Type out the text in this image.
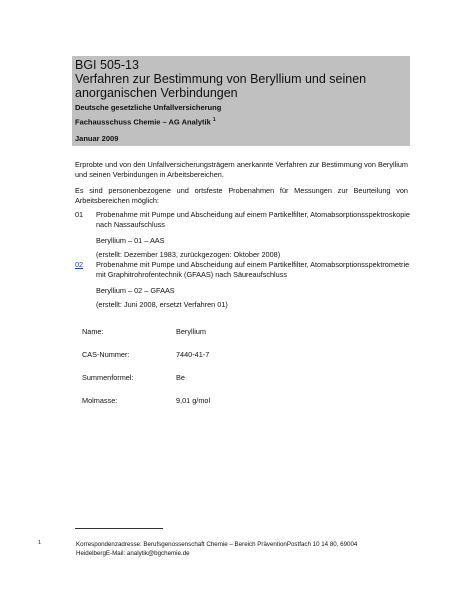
BGI 505-13
Verfahren zur Bestimmung von Beryllium und seinen anorganischen Verbindungen
Deutsche gesetzliche Unfallversicherung
Fachausschuss Chemie – AG Analytik $^1$
Januar 2009
Erprobte und von den Unfallversicherungsträgern anerkannte Verfahren zur Bestimmung von Beryllium und seinen Verbindungen in Arbeitsbereichen.
Es sind personenbezogene und ortsfeste Probenahmen für Messungen zur Beurteilung von Arbeitsbereichen möglich:
01 Probenahme mit Pumpe und Abscheidung auf einem Partikelfilter, Atomabsorptionsspektroskopie nach Nassaufschluss
Beryllium – 01 – AAS
(erstellt: Dezember 1983, zurückgezogen: Oktober 2008)
02 Probenahme mit Pumpe und Abscheidung auf einem Partikelfilter, Atomabsorptionsspektrometrie mit Graphitrohrofentechnik (GFAAS) nach Säureaufschluss
Beryllium – 02 – GFAAS
(erstellt: Juni 2008, ersetzt Verfahren 01)
Name:	Beryllium
CAS-Nummer:	7440-41-7
Summenformel:	Be
Molmasse:	9,01 g/mol
1	Korrespondenzadresse: Berufsgenossenschaft Chemie – Bereich PräventionPostfach 10 14 80, 69004 HeidelbergE-Mail: analytik@bgchemie.de
